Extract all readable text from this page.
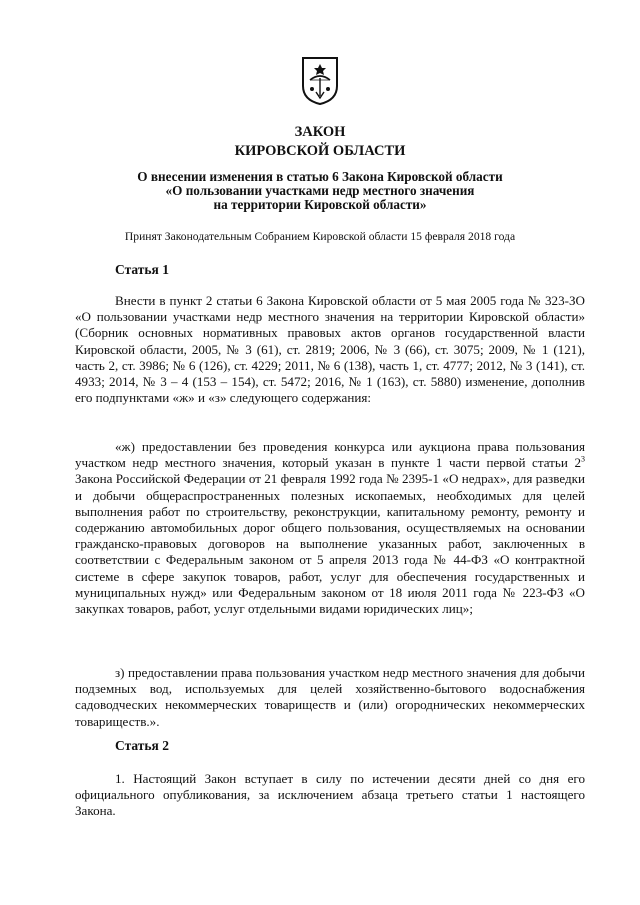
ЗАКОН
КИРОВСКОЙ ОБЛАСТИ
О внесении изменения в статью 6 Закона Кировской области
«О пользовании участками недр местного значения
на территории Кировской области»
Принят Законодательным Собранием Кировской области 15 февраля 2018 года
Статья 1
Внести в пункт 2 статьи 6 Закона Кировской области от 5 мая 2005 года № 323-ЗО «О пользовании участками недр местного значения на территории Кировской области» (Сборник основных нормативных правовых актов органов государственной власти Кировской области, 2005, № 3 (61), ст. 2819; 2006, № 3 (66), ст. 3075; 2009, № 1 (121), часть 2, ст. 3986; № 6 (126), ст. 4229; 2011, № 6 (138), часть 1, ст. 4777; 2012, № 3 (141), ст. 4933; 2014, № 3 – 4 (153 – 154), ст. 5472; 2016, № 1 (163), ст. 5880) изменение, дополнив его подпунктами «ж» и «з» следующего содержания:
«ж) предоставлении без проведения конкурса или аукциона права пользования участком недр местного значения, который указан в пункте 1 части первой статьи $2^3$ Закона Российской Федерации от 21 февраля 1992 года № 2395-1 «О недрах», для разведки и добычи общераспространенных полезных ископаемых, необходимых для целей выполнения работ по строительству, реконструкции, капитальному ремонту, ремонту и содержанию автомобильных дорог общего пользования, осуществляемых на основании гражданско-правовых договоров на выполнение указанных работ, заключенных в соответствии с Федеральным законом от 5 апреля 2013 года № 44-ФЗ «О контрактной системе в сфере закупок товаров, работ, услуг для обеспечения государственных и муниципальных нужд» или Федеральным законом от 18 июля 2011 года № 223-ФЗ «О закупках товаров, работ, услуг отдельными видами юридических лиц»;
з) предоставлении права пользования участком недр местного значения для добычи подземных вод, используемых для целей хозяйственно-бытового водоснабжения садоводческих некоммерческих товариществ и (или) огороднических некоммерческих товариществ.».
Статья 2
1. Настоящий Закон вступает в силу по истечении десяти дней со дня его официального опубликования, за исключением абзаца третьего статьи 1 настоящего Закона.
